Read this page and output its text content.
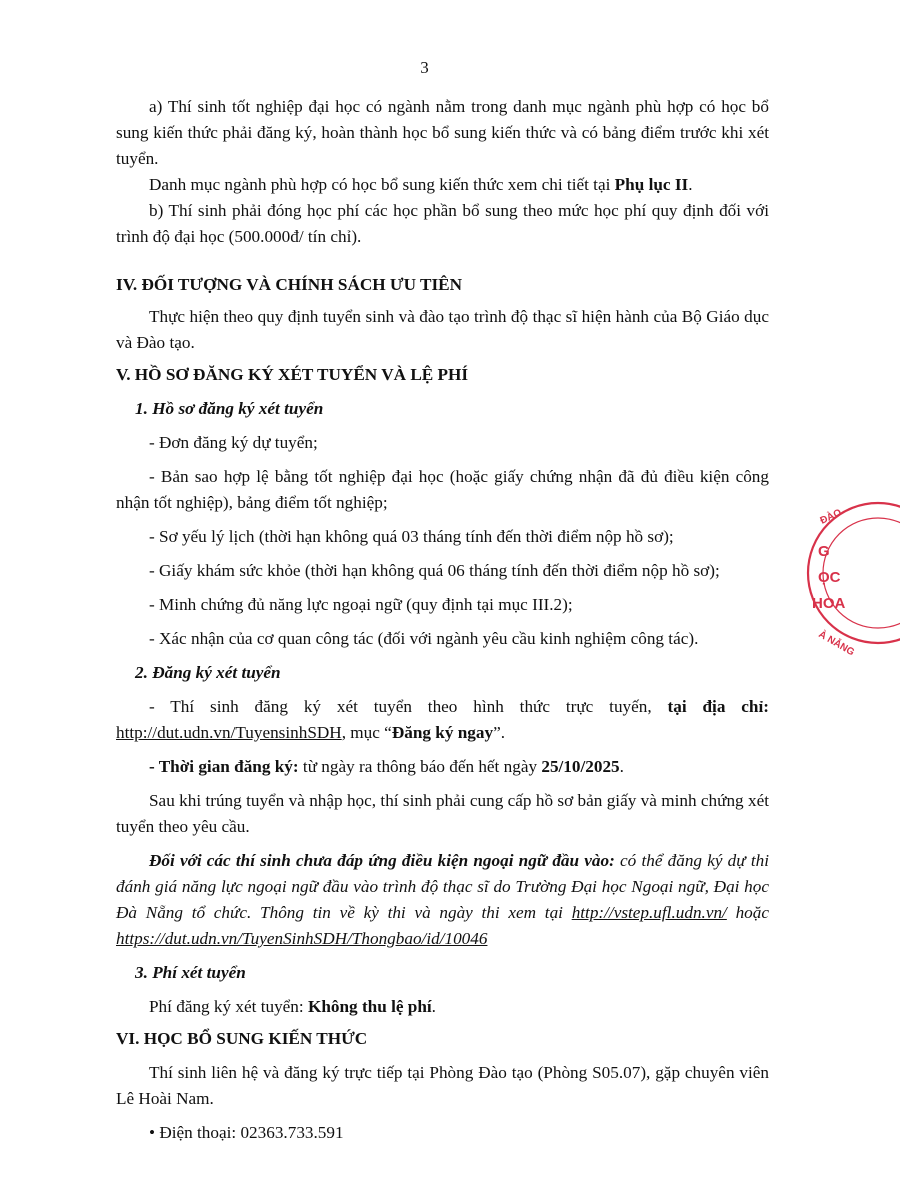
3

a) Thí sinh tốt nghiệp đại học có ngành nằm trong danh mục ngành phù hợp có học bổ sung kiến thức phải đăng ký, hoàn thành học bổ sung kiến thức và có bảng điểm trước khi xét tuyển.

Danh mục ngành phù hợp có học bổ sung kiến thức xem chi tiết tại Phụ lục II.

b) Thí sinh phải đóng học phí các học phần bổ sung theo mức học phí quy định đối với trình độ đại học (500.000đ/ tín chỉ).

IV. ĐỐI TƯỢNG VÀ CHÍNH SÁCH ƯU TIÊN

Thực hiện theo quy định tuyển sinh và đào tạo trình độ thạc sĩ hiện hành của Bộ Giáo dục và Đào tạo.

V. HỒ SƠ ĐĂNG KÝ XÉT TUYỂN VÀ LỆ PHÍ

1. Hồ sơ đăng ký xét tuyển

- Đơn đăng ký dự tuyển;

- Bản sao hợp lệ bằng tốt nghiệp đại học (hoặc giấy chứng nhận đã đủ điều kiện công nhận tốt nghiệp), bảng điểm tốt nghiệp;

- Sơ yếu lý lịch (thời hạn không quá 03 tháng tính đến thời điểm nộp hồ sơ);

- Giấy khám sức khỏe (thời hạn không quá 06 tháng tính đến thời điểm nộp hồ sơ);

- Minh chứng đủ năng lực ngoại ngữ (quy định tại mục III.2);

- Xác nhận của cơ quan công tác (đối với ngành yêu cầu kinh nghiệm công tác).

2. Đăng ký xét tuyển

- Thí sinh đăng ký xét tuyển theo hình thức trực tuyến, tại địa chỉ: http://dut.udn.vn/TuyensinhSDH, mục “Đăng ký ngay”.

- Thời gian đăng ký: từ ngày ra thông báo đến hết ngày 25/10/2025.

Sau khi trúng tuyển và nhập học, thí sinh phải cung cấp hồ sơ bản giấy và minh chứng xét tuyển theo yêu cầu.

Đối với các thí sinh chưa đáp ứng điều kiện ngoại ngữ đầu vào: có thể đăng ký dự thi đánh giá năng lực ngoại ngữ đầu vào trình độ thạc sĩ do Trường Đại học Ngoại ngữ, Đại học Đà Nẵng tổ chức. Thông tin về kỳ thi và ngày thi xem tại http://vstep.ufl.udn.vn/ hoặc https://dut.udn.vn/TuyenSinhSDH/Thongbao/id/10046

3. Phí xét tuyển

Phí đăng ký xét tuyển: Không thu lệ phí.

VI. HỌC BỔ SUNG KIẾN THỨC

Thí sinh liên hệ và đăng ký trực tiếp tại Phòng Đào tạo (Phòng S05.07), gặp chuyên viên Lê Hoài Nam.

• Điện thoại: 02363.733.591

ĐÀO
G
ỌC
HOA
À NẴNG
